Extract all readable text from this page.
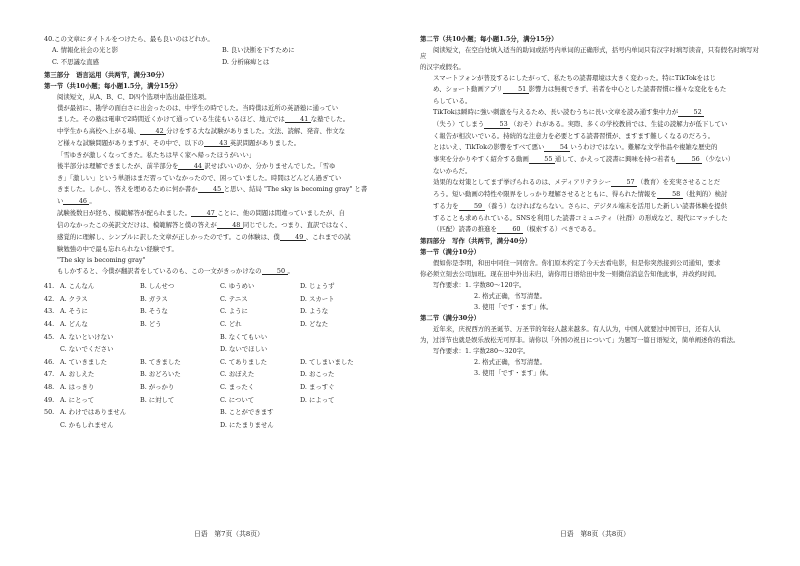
40.この文章にタイトルをつけたら、最も良いのはどれか。

A. 情報化社会の光と影	B. 良い決断を下すために
C. 不思議な直感	D. 分析麻痺とは

第三部分　语言运用（共两节，满分30分）

第一节（共10小题；每小题1.5分，满分15分）

阅读短文，从A、B、C、D四个选项中选出最佳选项。

僕が最初に、勘学の面白さに出会ったのは、中学生の時でした。当時僕は近所の英語塾に通ってい

ました。その塾は電車で2時間近くかけて通っている生徒もいるほど、地元では 41 な塾でした。

中学生から高校へ上がる場、 42 分けをする大な試験がありました。文法、読解、発音、作文な

ど様々な試験問題がありますが、その中で、以下の 43 英訳問題がありました。

「雪ゆきが激しくなってきた。私たちは早く家へ帰ったほうがいい」

後半部分は理解できましたが、前半部分を 44 訳せばいいのか、分かりませんでした。「雪ゆ

き」「激しい」という単語はまだ習っていなかったので、困っていました。時間はどんどん過ぎてい

きました。しかし、答えを埋めるために何か書か 45 と思い、結局 "The sky is becoming gray" と書

い 46 。

試験後数日が経ち、模範解答が配られました。 47 ことに、他の問題は間違っていましたが、自

信のなかったこの英訳文だけは、模範解答と僕の答えが 48 同じでした。つまり、直訳ではなく、

感覚的に理解し、シンプルに訳した文章が正しかったのです。この体験は、僕 49 、これまでの試

験勉強の中で最も忘れられない経験です。

"The sky is becoming gray"

もしかすると、今僕が翻訳者をしているのも、この一文がきっかけなの 50 。

41. A. こんなん	B. しんせつ	C. ゆうめい	D. じょうず
42. A. クラス	B. ガラス	C. テニス	D. スカート
43. A. そうに	B. そうな	C. ように	D. ような
44. A. どんな	B. どう	C. どれ	D. どなた
45. A. ないといけない	B. なくてもいい
C. ないでください	D. ないでほしい
46. A. ていきました	B. てきました	C. てありました	D. てしまいました
47. A. おしえた	B. おどろいた	C. おぼえた	D. おこった
48. A. はっきり	B. がっかり	C. まったく	D. まっすぐ
49. A. にとって	B. に対して	C. について	D. によって
50. A. わけではありません	B. ことができます
C. かもしれません	D. にたまりません

第二节（共10小题；每小题1.5分，满分15分）

阅读短文，在空白处填入适当的助词或括号内单词的正确形式，括号内单词只有汉字时填写读音，只有假名时填写对应

的汉字或假名。

スマートフォンが普及するにしたがって、私たちの読書環境は大きく変わった。特にTikTokをはじ

め、ショート動画アプリ 51 影響力は無視できず、若者を中心とした読書習慣に様々な変化をもた

らしている。

TikTokは瞬時に強い刺激を与えるため、長い読むうちに長い文章を読み通す集中力が 52

（失う）てしまう 53 （おそ）れがある。実際、多くの学校教員では、生徒の読解力が低下してい

く報告が相次いでいる。持続的な注意力を必要とする読書習慣が、ますます難しくなるのだろう。

とはいえ、TikTokの影響をすべて悪い 54 いうわけではない。難解な文学作品や複雑な歴史的

事実を分かりやすく紹介する動画 55 通して、かえって読書に興味を持つ若者も 56 （少ない）

ないからだ。

効果的な対策としてまず挙げられるのは、メディアリテラシー 57 （教育）を充実させることだ

ろう。短い動画の特性や限界をしっかり理解させるとともに、得られた情報を 58 （批判的）検討

する力を 59 （養う）なければならない。さらに、デジタル端末を活用した新しい読書体験を提供

することも求められている。SNSを利用した読書コミュニティ（社群）の形成など、現代にマッチした

（匹配）読書の推進を 60 （模索する）べきである。

第四部分　写作（共两节，满分40分）

第一节（满分10分）

假如你是李明，和田中同住一同宿舍。你们原本约定了今天去看电影，但是你突然接到公司通知，要求

你必须立刻去公司加班。现在田中外出未归，请你用日语给田中发一则微信消息告知他此事，并改约时间。

写作要求：1. 字数80～120字。

2. 格式正确，书写清楚。

3. 使用「です・ます」体。

第二节（满分30分）

近年来，庆祝西方的圣诞节、万圣节的年轻人越来越多。有人认为，中国人就要过中国节日，还有人认

为，过洋节也就是娱乐放松无可厚非。请你以「外国の祝日について」为题写一篇日语短文，简单阐述你的看法。

写作要求：1. 字数280～320字。

2. 格式正确，书写清楚。

3. 使用「です・ます」体。

日语　第7页（共8页）	日语　第8页（共8页）
